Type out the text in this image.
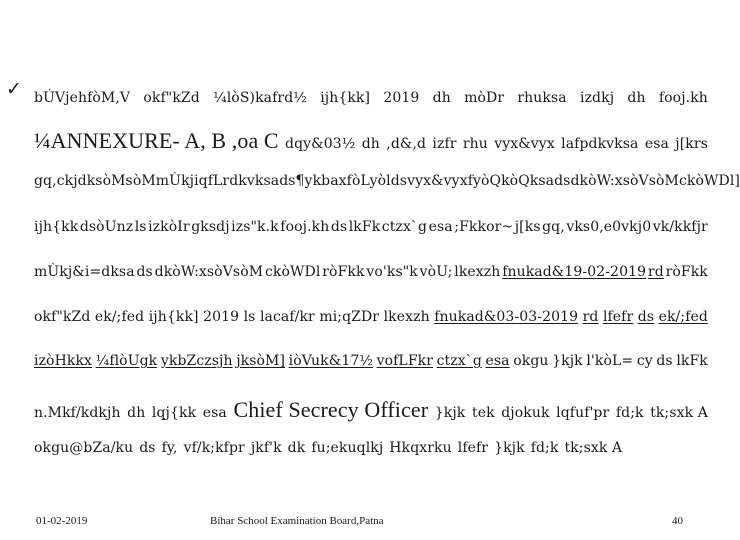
✓ bÚVjehfòM,V okf"kZd ¼lòS)kafrd½ ijh{kk] 2019 dh mòDr rhuksa izdkj dh fooj.kh
¼ANNEXURE- A, B ,oa C dqy&03½ dh ,d&,d izfr rhu vyx&vyx lafpdkvksa esa j[krs
gq, ckjdksòMsòM mÙkjiqfLrdkvksa ds ¶ykbax fòLyòl ds vyx&vyx fyòQkòQksa ds dkòW:xsòVsòM ckòWDl]
ijh{kk dsòUnz ls izkòIr gksdj izs"k.k fooj.kh ds lkFk ctzx`g esa ;Fkkor~ j[ks gq, vks0,e0vkj0 vk/kkfjr
mÙkj&i=dksa ds dkòW:xsòVsòM ckòWDl ròFkk vo'ks"k vòU; lkexzh fnukad&19-02-2019 rd ròFkk
okf"kZd ek/;fed ijh{kk] 2019 ls lacaf/kr mi;qZDr lkexzh fnukad&03-03-2019 rd lfefr ds ek/;fed
izòHkkx ¼flòUgk ykbZczsjh jksòM] iòVuk&17½ vofLFkr ctzx`g esa okgu }kjk l'kòL= cy ds lkFk
n.Mkf/kdkjh dh lqj{kk esa Chief Secrecy Officer }kjk tek djokuk lqfuf'pr fd;k tk;sxk A
okgu@bZa/ku ds fy, vf/k;kfpr jkf'k dk fu;ekuqlkj Hkqxrku lfefr }kjk fd;k tk;sxk A
01-02-2019	Bihar School Examination Board,Patna	40
